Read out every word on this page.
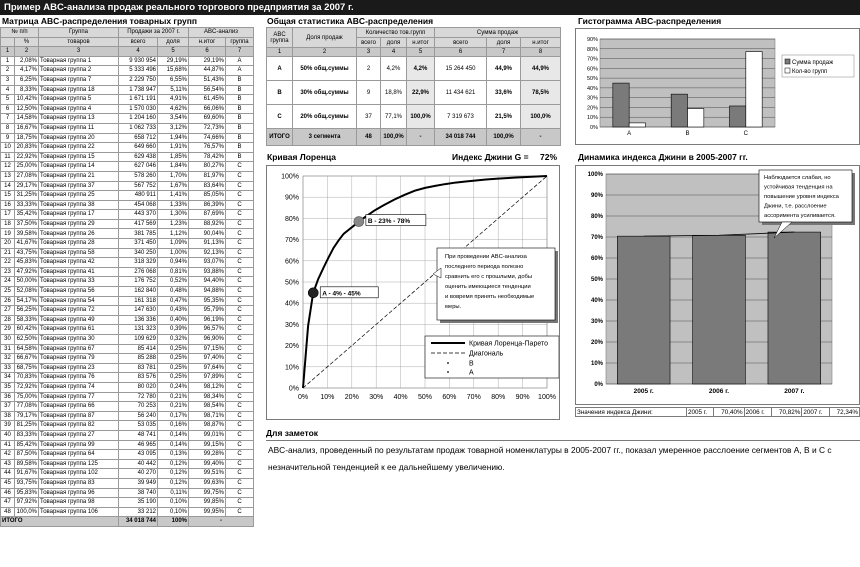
Пример ABC-анализа продаж реального торгового предприятия за 2007 г.
Матрица ABC-распределения товарных групп
№ п/п		Группа	Продажи за 2007 г.		ABC-анализ	
	%	товаров	всего	доля	н.итог	группа
1	2	3	4	5	6	7
1	2,08%	Товарная группа 1	9 930 954	29,19%	29,19%	A
2	4,17%	Товарная группа 2	5 333 496	15,68%	44,87%	A
3	6,25%	Товарная группа 7	2 229 750	6,55%	51,43%	B
4	8,33%	Товарная группа 18	1 738 947	5,11%	56,54%	B
5	10,42%	Товарная группа 5	1 671 191	4,91%	61,45%	B
6	12,50%	Товарная группа 4	1 570 030	4,62%	66,06%	B
7	14,58%	Товарная группа 13	1 204 160	3,54%	69,60%	B
8	16,67%	Товарная группа 11	1 062 733	3,12%	72,73%	B
9	18,75%	Товарная группа 20	658 712	1,94%	74,66%	B
10	20,83%	Товарная группа 22	649 660	1,91%	76,57%	B
11	22,92%	Товарная группа 15	629 438	1,85%	78,42%	B
12	25,00%	Товарная группа 14	627 046	1,84%	80,27%	C
13	27,08%	Товарная группа 21	578 260	1,70%	81,97%	C
14	29,17%	Товарная группа 37	567 752	1,67%	83,64%	C
15	31,25%	Товарная группа 25	480 911	1,41%	85,05%	C
16	33,33%	Товарная группа 38	454 068	1,33%	86,39%	C
17	35,42%	Товарная группа 17	443 370	1,30%	87,69%	C
18	37,50%	Товарная группа 29	417 569	1,23%	88,92%	C
19	39,58%	Товарная группа 26	381 785	1,12%	90,04%	C
20	41,67%	Товарная группа 28	371 450	1,09%	91,13%	C
21	43,75%	Товарная группа 58	340 250	1,00%	92,13%	C
22	45,83%	Товарная группа 42	318 329	0,94%	93,07%	C
23	47,92%	Товарная группа 41	276 068	0,81%	93,88%	C
24	50,00%	Товарная группа 33	176 752	0,52%	94,40%	C
25	52,08%	Товарная группа 56	162 840	0,48%	94,88%	C
26	54,17%	Товарная группа 54	161 318	0,47%	95,35%	C
27	56,25%	Товарная группа 72	147 630	0,43%	95,79%	C
28	58,33%	Товарная группа 49	136 336	0,40%	96,19%	C
29	60,42%	Товарная группа 61	131 323	0,39%	96,57%	C
30	62,50%	Товарная группа 30	109 629	0,32%	96,90%	C
31	64,58%	Товарная группа 67	85 414	0,25%	97,15%	C
32	66,67%	Товарная группа 79	85 288	0,25%	97,40%	C
33	68,75%	Товарная группа 23	83 781	0,25%	97,64%	C
34	70,83%	Товарная группа 76	83 576	0,25%	97,89%	C
35	72,92%	Товарная группа 74	80 020	0,24%	98,12%	C
36	75,00%	Товарная группа 77	72 780	0,21%	98,34%	C
37	77,08%	Товарная группа 66	70 253	0,21%	98,54%	C
38	79,17%	Товарная группа 87	56 240	0,17%	98,71%	C
39	81,25%	Товарная группа 82	53 035	0,16%	98,87%	C
40	83,33%	Товарная группа 27	48 741	0,14%	99,01%	C
41	85,42%	Товарная группа 99	46 965	0,14%	99,15%	C
42	87,50%	Товарная группа 64	43 095	0,13%	99,28%	C
43	89,58%	Товарная группа 125	40 442	0,12%	99,40%	C
44	91,67%	Товарная группа 102	40 270	0,12%	99,51%	C
45	93,75%	Товарная группа 83	39 949	0,12%	99,63%	C
46	95,83%	Товарная группа 96	38 740	0,11%	99,75%	C
47	97,92%	Товарная группа 98	35 190	0,10%	99,85%	C
48	100,0%	Товарная группа 106	33 212	0,10%	99,95%	C
ИТОГО			34 018 744	100%	-	
Общая статистика ABC-распределения
ABC группа	Доля продаж	Количество тов.групп			Сумма продаж		
		всего	доля	н.итог	всего	доля	н.итог
1	2	3	4	5	6	7	8
A	50% общ.суммы	2	4,2%	4,2%	15 264 450	44,9%	44,9%
B	30% общ.суммы	9	18,8%	22,9%	11 434 621	33,6%	78,5%
C	20% общ.суммы	37	77,1%	100,0%	7 319 673	21,5%	100,0%
ИТОГО	3 сегмента	48	100,0%	-	34 018 744	100,0%	-
Гистограмма ABC-распределения
0%
10%
20%
30%
40%
50%
60%
70%
80%
90%
A	B	C
Сумма продаж
Кол-во групп
Кривая Лоренца	Индекс Джини G = 72%
0%
10%
20%
30%
40%
50%
60%
70%
80%
90%
100%
0% 10% 20% 30% 40% 50% 60% 70% 80% 90% 100%
B - 23% - 78%
A - 4% - 45%
При проведении ABC-анализа
последнего периода полезно
сравнить его с прошлыми, добы
оценить имеющиеся тенденции
и вовремя принять необходимые
меры.
Кривая Лоренца-Парето
Диагональ
B
A
Динамика индекса Джини в 2005-2007 гг.
0%
10%
20%
30%
40%
50%
60%
70%
80%
90%
100%
2005 г.	2006 г.	2007 г.
Наблюдается слабая, но
устойчивая тенденция на
повышение уровня индекса
Джини, т.е. расслоение
ассоримента усиливается.
Значения индекса Джини:	2005 г.	70,40%	2006 г.	70,82%	2007 г.	72,34%
Для заметок
ABC-анализ, проведенный по результатам продаж товарной номенклатуры в 2005-2007 гг., показал умеренное расслоение сегментов А, В и С с незначительной тенденцией к ее дальнейшему увеличению.
